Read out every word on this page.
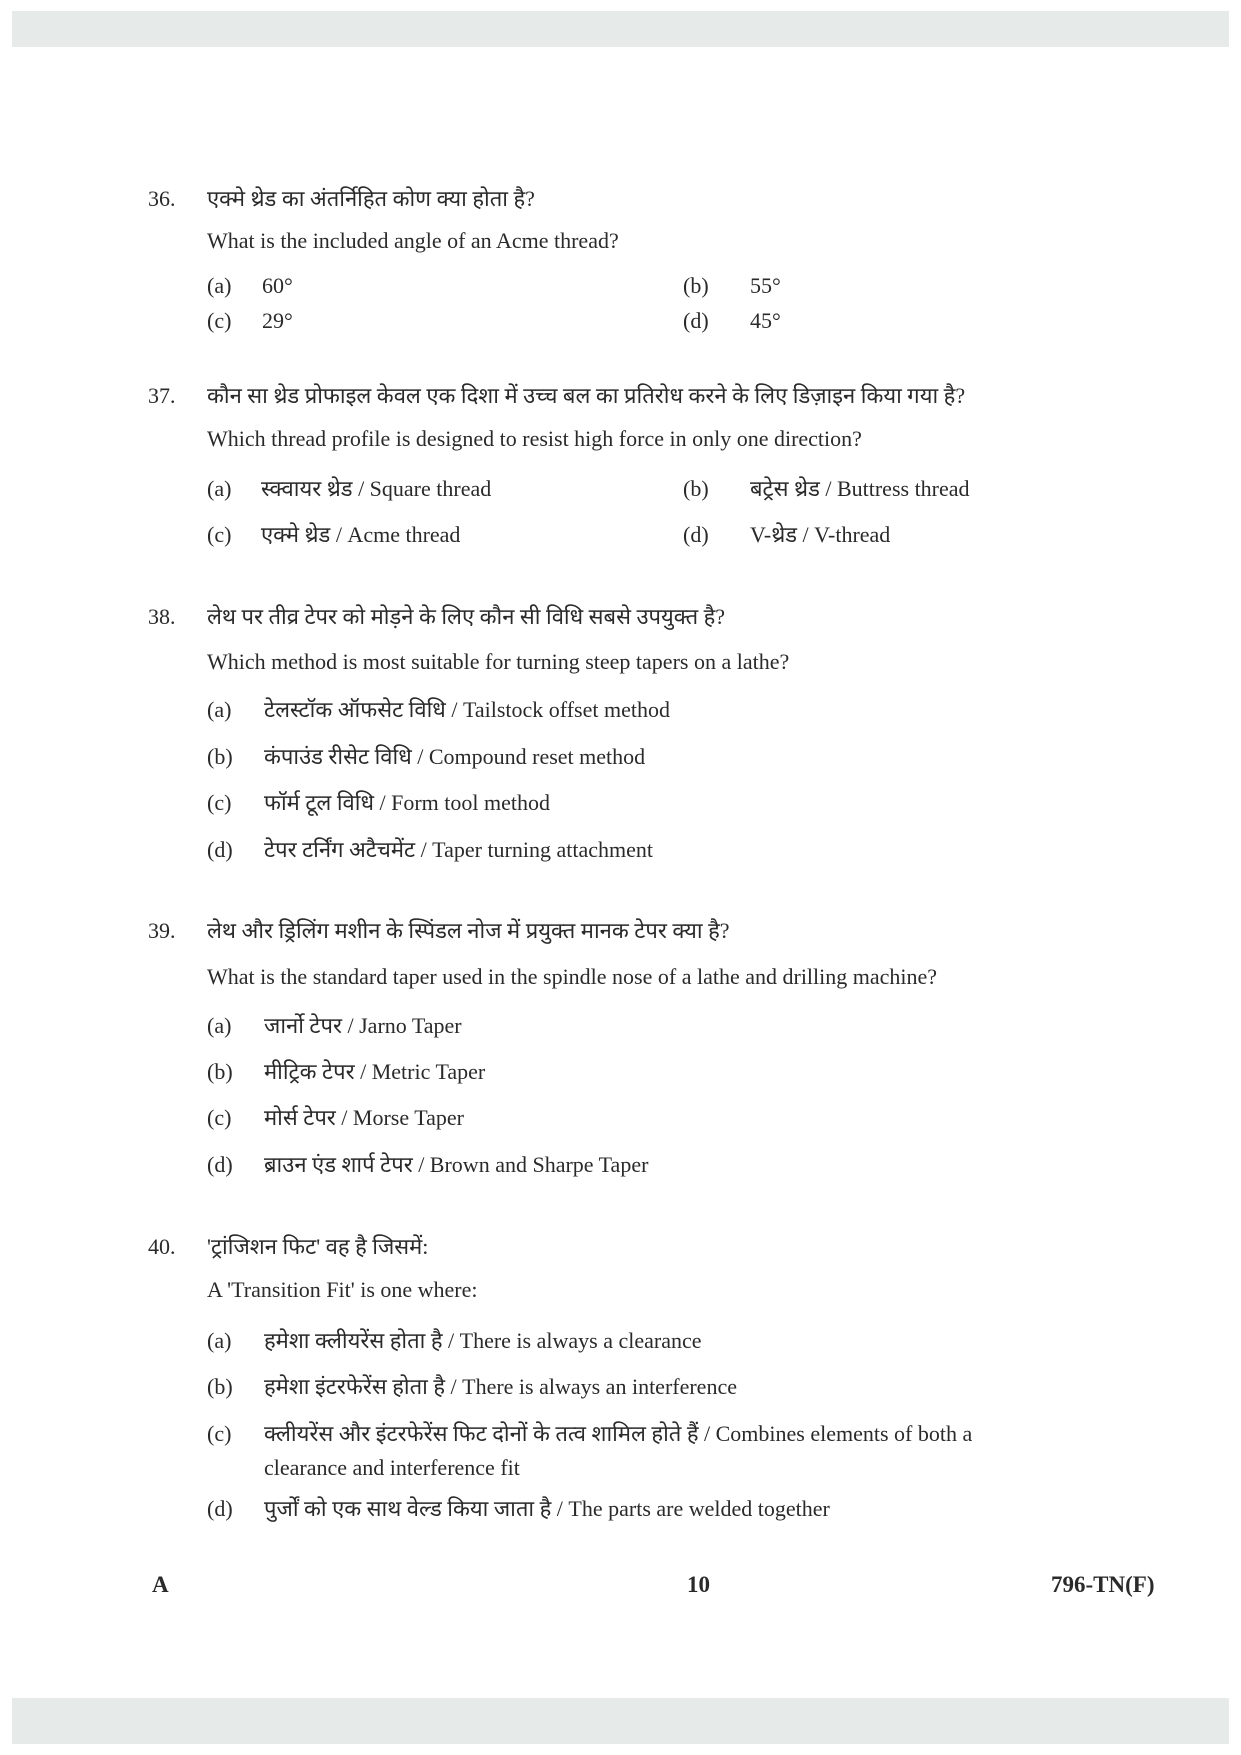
36. एक्मे थ्रेड का अंतर्निहित कोण क्या होता है?
What is the included angle of an Acme thread?
(a) 60°	(b) 55°
(c) 29°	(d) 45°
37. कौन सा थ्रेड प्रोफाइल केवल एक दिशा में उच्च बल का प्रतिरोध करने के लिए डिज़ाइन किया गया है?
Which thread profile is designed to resist high force in only one direction?
(a) स्क्वायर थ्रेड / Square thread	(b) बट्रेस थ्रेड / Buttress thread
(c) एक्मे थ्रेड / Acme thread	(d) V-थ्रेड / V-thread
38. लेथ पर तीव्र टेपर को मोड़ने के लिए कौन सी विधि सबसे उपयुक्त है?
Which method is most suitable for turning steep tapers on a lathe?
(a) टेलस्टॉक ऑफसेट विधि / Tailstock offset method
(b) कंपाउंड रीसेट विधि / Compound reset method
(c) फॉर्म टूल विधि / Form tool method
(d) टेपर टर्निंग अटैचमेंट / Taper turning attachment
39. लेथ और ड्रिलिंग मशीन के स्पिंडल नोज में प्रयुक्त मानक टेपर क्या है?
What is the standard taper used in the spindle nose of a lathe and drilling machine?
(a) जार्नो टेपर / Jarno Taper
(b) मीट्रिक टेपर / Metric Taper
(c) मोर्स टेपर / Morse Taper
(d) ब्राउन एंड शार्प टेपर / Brown and Sharpe Taper
40. 'ट्रांजिशन फिट' वह है जिसमें:
A 'Transition Fit' is one where:
(a) हमेशा क्लीयरेंस होता है / There is always a clearance
(b) हमेशा इंटरफेरेंस होता है / There is always an interference
(c) क्लीयरेंस और इंटरफेरेंस फिट दोनों के तत्व शामिल होते हैं / Combines elements of both a
clearance and interference fit
(d) पुर्जों को एक साथ वेल्ड किया जाता है / The parts are welded together
A	10	796-TN(F)
